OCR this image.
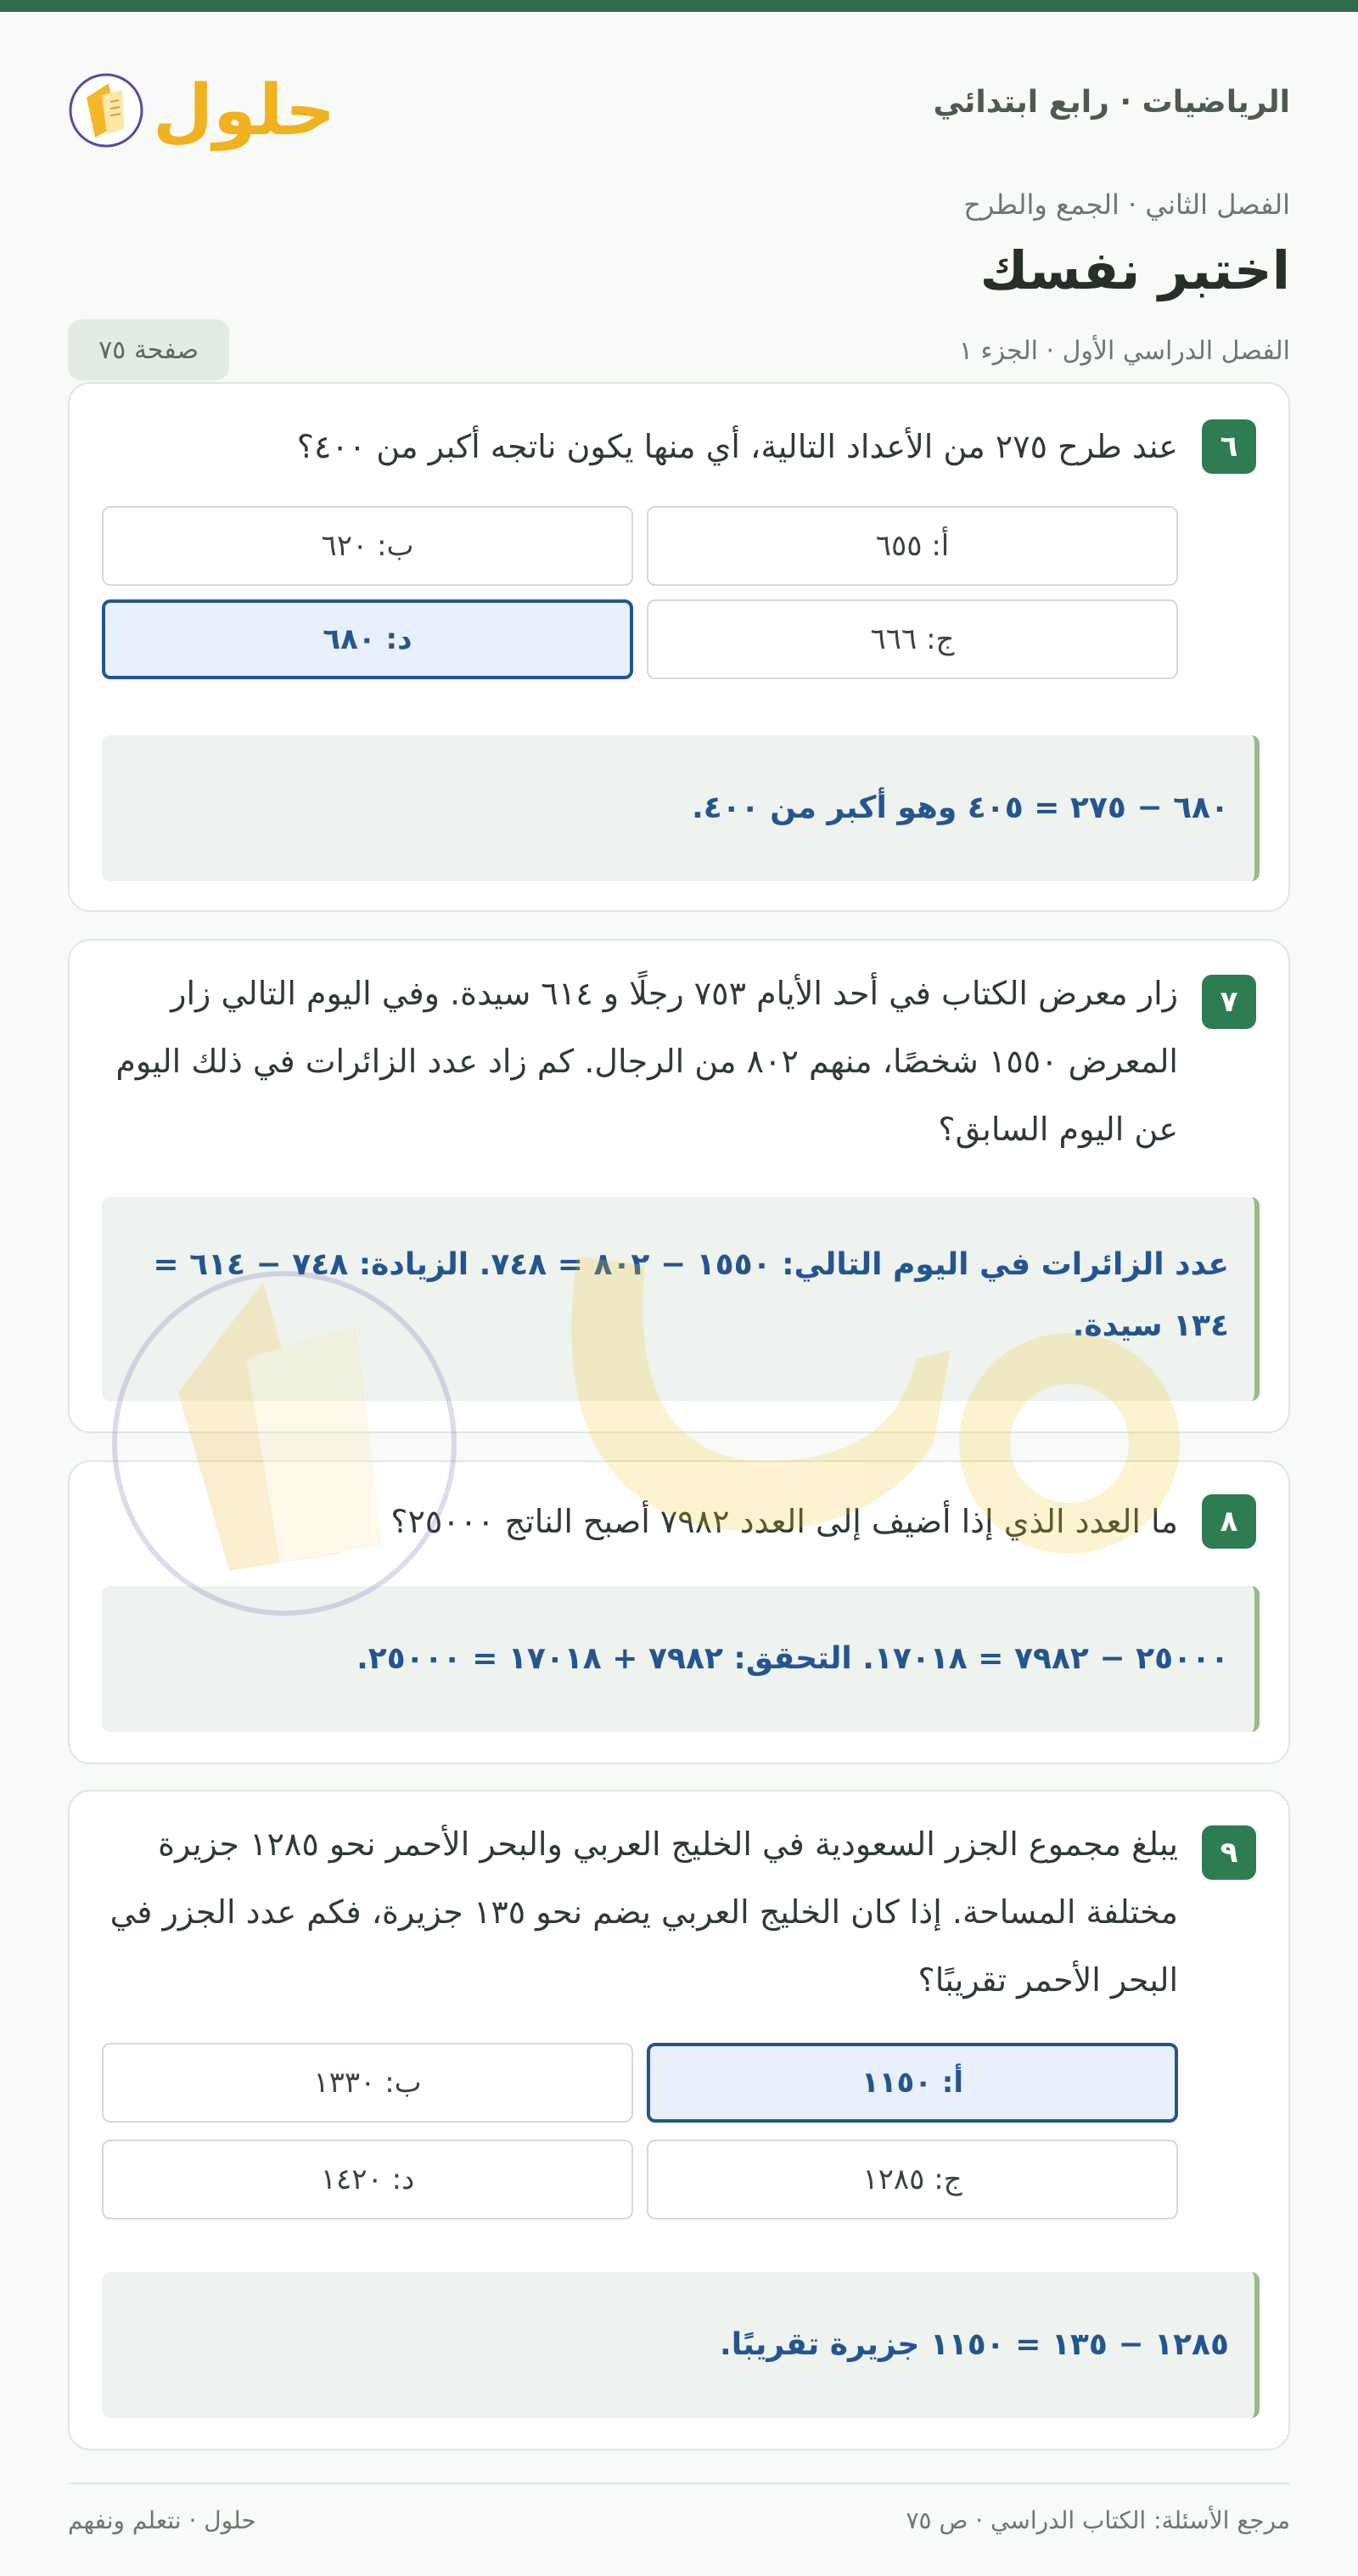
الرياضيات · رابع ابتدائي
حلول
الفصل الثاني · الجمع والطرح
اختبر نفسك
الفصل الدراسي الأول · الجزء ١
صفحة ٧٥
٦
عند طرح ٢٧٥ من الأعداد التالية، أي منها يكون ناتجه أكبر من ٤٠٠؟
أ: ٦٥٥
ب: ٦٢٠
ج: ٦٦٦
د: ٦٨٠
٦٨٠ − ٢٧٥ = ٤٠٥ وهو أكبر من ٤٠٠.
٧
زار معرض الكتاب في أحد الأيام ٧٥٣ رجلًا و ٦١٤ سيدة. وفي اليوم التالي زار المعرض ١٥٥٠ شخصًا، منهم ٨٠٢ من الرجال. كم زاد عدد الزائرات في ذلك اليوم عن اليوم السابق؟
عدد الزائرات في اليوم التالي: ١٥٥٠ − ٨٠٢ = ٧٤٨. الزيادة: ٧٤٨ − ٦١٤ = ١٣٤ سيدة.
٨
ما العدد الذي إذا أضيف إلى العدد ٧٩٨٢ أصبح الناتج ٢٥٠٠٠؟
٢٥٠٠٠ − ٧٩٨٢ = ١٧٠١٨. التحقق: ٧٩٨٢ + ١٧٠١٨ = ٢٥٠٠٠.
٩
يبلغ مجموع الجزر السعودية في الخليج العربي والبحر الأحمر نحو ١٢٨٥ جزيرة مختلفة المساحة. إذا كان الخليج العربي يضم نحو ١٣٥ جزيرة، فكم عدد الجزر في البحر الأحمر تقريبًا؟
أ: ١١٥٠
ب: ١٣٣٠
ج: ١٢٨٥
د: ١٤٢٠
١٢٨٥ − ١٣٥ = ١١٥٠ جزيرة تقريبًا.
مرجع الأسئلة: الكتاب الدراسي · ص ٧٥
حلول · نتعلم ونفهم
